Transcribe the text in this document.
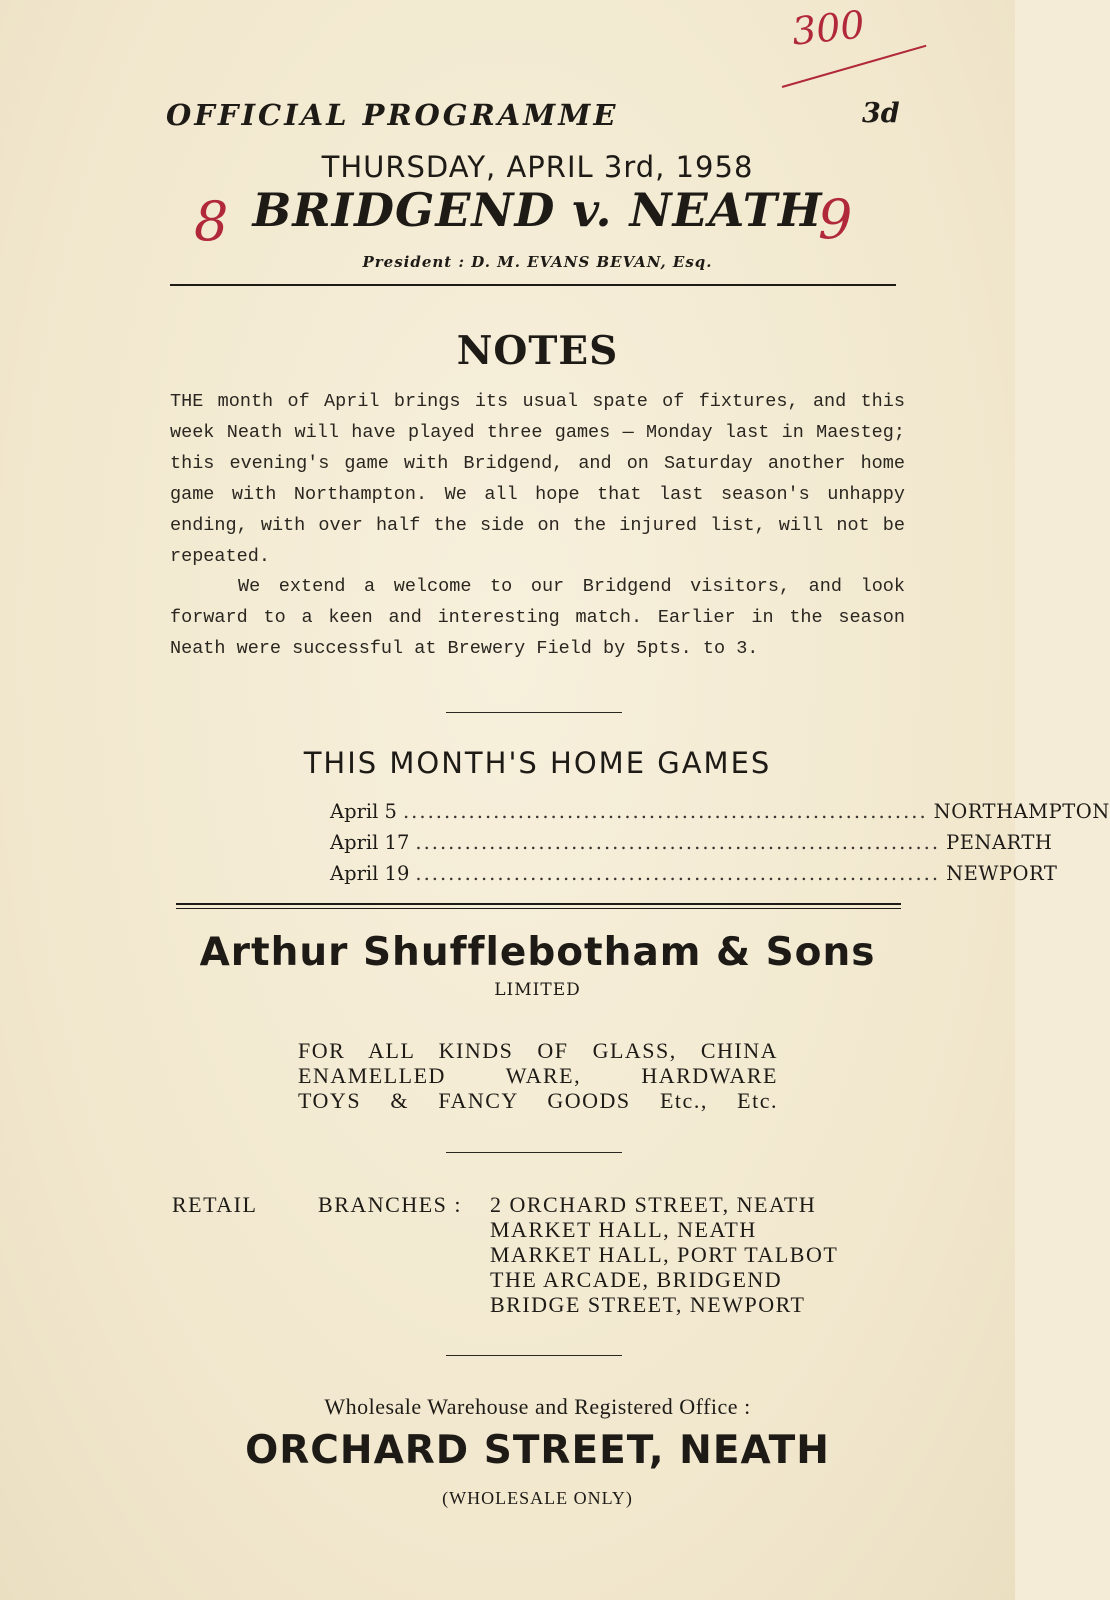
300
8	9
OFFICIAL PROGRAMME	3d
THURSDAY, APRIL 3rd, 1958
BRIDGEND v. NEATH
President : D. M. EVANS BEVAN, Esq.
NOTES
THE month of April brings its usual spate of fixtures, and this week Neath will have played three games — Monday last in Maesteg; this evening's game with Bridgend, and on Saturday another home game with Northampton. We all hope that last season's unhappy ending, with over half the side on the injured list, will not be repeated.
We extend a welcome to our Bridgend visitors, and look forward to a keen and interesting match. Earlier in the season Neath were successful at Brewery Field by 5pts. to 3.
THIS MONTH'S HOME GAMES
April 5 ................................................................ NORTHAMPTON
April 17 ................................................................ PENARTH
April 19 ................................................................ NEWPORT
Arthur Shufflebotham & Sons
LIMITED
FOR ALL KINDS OF GLASS, CHINA
ENAMELLED WARE, HARDWARE
TOYS & FANCY GOODS Etc., Etc.
RETAIL	BRANCHES : 2 ORCHARD STREET, NEATH
MARKET HALL, NEATH
MARKET HALL, PORT TALBOT
THE ARCADE, BRIDGEND
BRIDGE STREET, NEWPORT
Wholesale Warehouse and Registered Office :
ORCHARD STREET, NEATH
(WHOLESALE ONLY)
